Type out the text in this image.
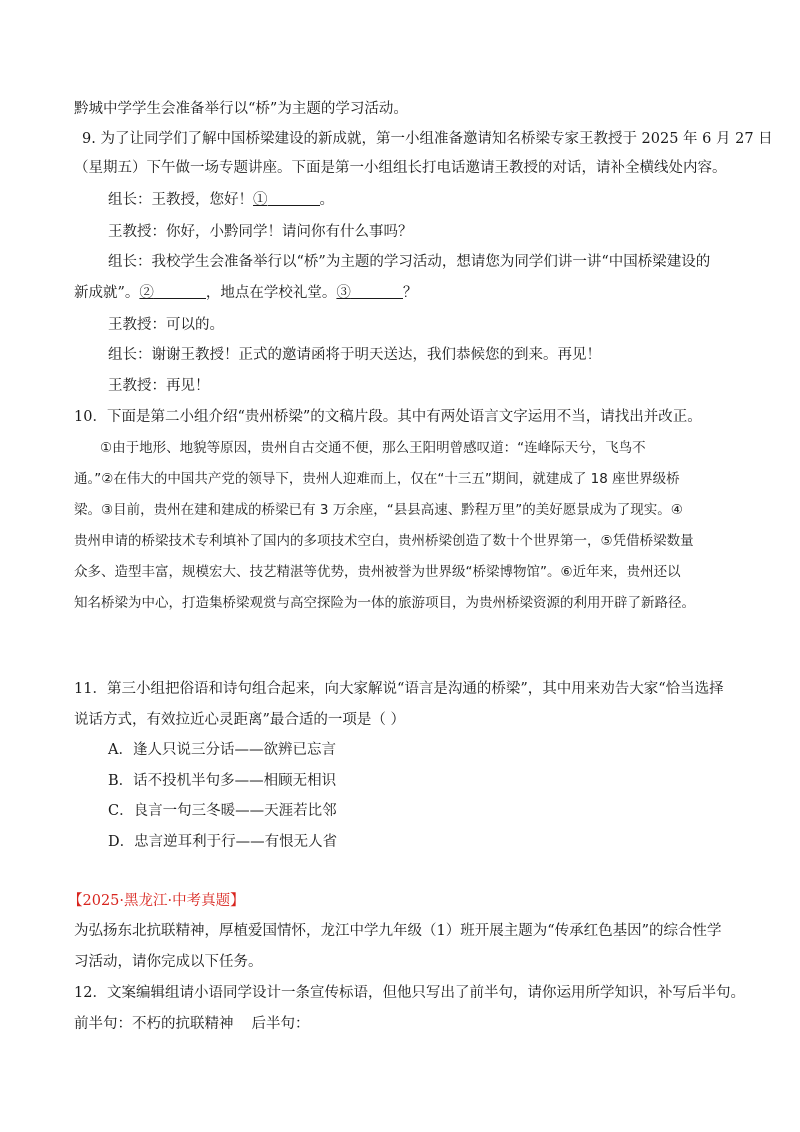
黔城中学学生会准备举行以“桥”为主题的学习活动。
9. 为了让同学们了解中国桥梁建设的新成就，第一小组准备邀请知名桥梁专家王教授于 2025 年 6 月 27 日
（星期五）下午做一场专题讲座。下面是第一小组组长打电话邀请王教授的对话，请补全横线处内容。
组长：王教授，您好！①	。
王教授：你好，小黔同学！请问你有什么事吗？
组长：我校学生会准备举行以“桥”为主题的学习活动，想请您为同学们讲一讲“中国桥梁建设的
新成就”。②	，地点在学校礼堂。③	？
王教授：可以的。
组长：谢谢王教授！正式的邀请函将于明天送达，我们恭候您的到来。再见！
王教授：再见！
10．下面是第二小组介绍“贵州桥梁”的文稿片段。其中有两处语言文字运用不当，请找出并改正。
①由于地形、地貌等原因，贵州自古交通不便，那么王阳明曾感叹道：“连峰际天兮，飞鸟不
通。”②在伟大的中国共产党的领导下，贵州人迎难而上，仅在“十三五”期间，就建成了 18 座世界级桥
梁。③目前，贵州在建和建成的桥梁已有 3 万余座，“县县高速、黔程万里”的美好愿景成为了现实。④
贵州申请的桥梁技术专利填补了国内的多项技术空白，贵州桥梁创造了数十个世界第一，⑤凭借桥梁数量
众多、造型丰富，规模宏大、技艺精湛等优势，贵州被誉为世界级“桥梁博物馆”。⑥近年来，贵州还以
知名桥梁为中心，打造集桥梁观赏与高空探险为一体的旅游项目，为贵州桥梁资源的利用开辟了新路径。
11．第三小组把俗语和诗句组合起来，向大家解说“语言是沟通的桥梁”，其中用来劝告大家“恰当选择
说话方式，有效拉近心灵距离”最合适的一项是（ ）
A．逢人只说三分话——欲辨已忘言
B．话不投机半句多——相顾无相识
C．良言一句三冬暖——天涯若比邻
D．忠言逆耳利于行——有恨无人省
【2025·黑龙江·中考真题】
为弘扬东北抗联精神，厚植爱国情怀，龙江中学九年级（1）班开展主题为“传承红色基因”的综合性学
习活动，请你完成以下任务。
12．文案编辑组请小语同学设计一条宣传标语，但他只写出了前半句，请你运用所学知识，补写后半句。
前半句：不朽的抗联精神 后半句：
